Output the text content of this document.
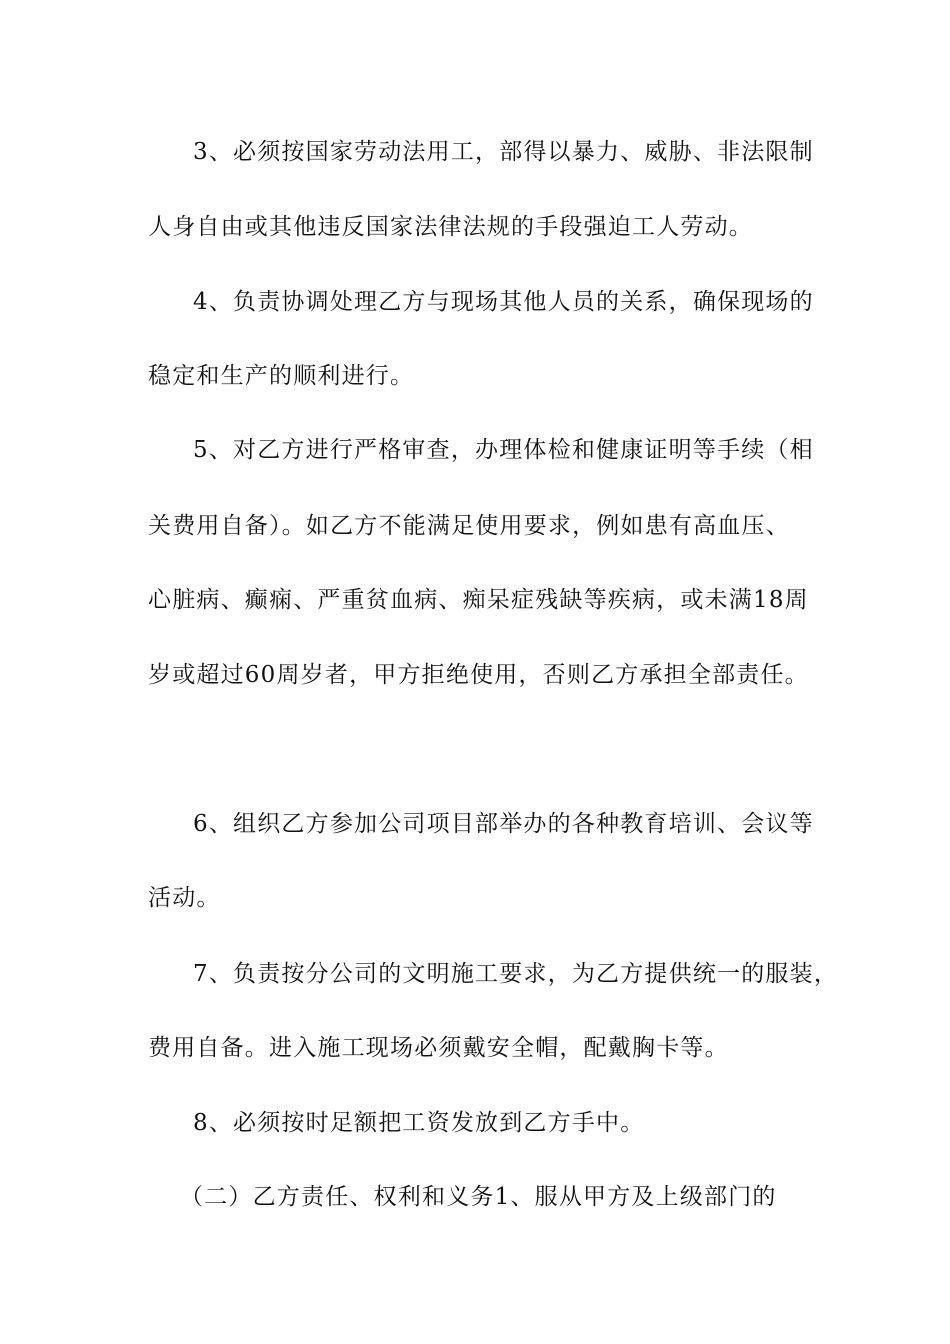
3、必须按国家劳动法用工，部得以暴力、威胁、非法限制
人身自由或其他违反国家法律法规的手段强迫工人劳动。
4、负责协调处理乙方与现场其他人员的关系，确保现场的
稳定和生产的顺利进行。
5、对乙方进行严格审查，办理体检和健康证明等手续（相
关费用自备）。如乙方不能满足使用要求，例如患有高血压、
心脏病、癫痫、严重贫血病、痴呆症残缺等疾病，或未满18周
岁或超过60周岁者，甲方拒绝使用，否则乙方承担全部责任。
6、组织乙方参加公司项目部举办的各种教育培训、会议等
活动。
7、负责按分公司的文明施工要求，为乙方提供统一的服装，
费用自备。进入施工现场必须戴安全帽，配戴胸卡等。
8、必须按时足额把工资发放到乙方手中。
（二）乙方责任、权利和义务1、服从甲方及上级部门的
